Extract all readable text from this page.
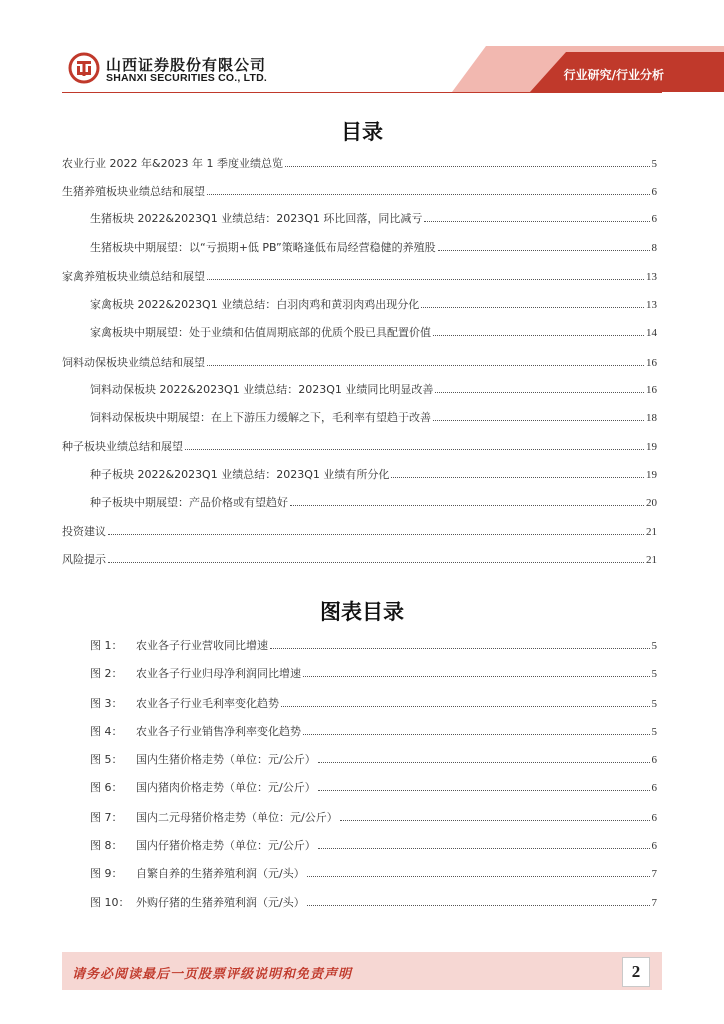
山西证券股份有限公司
SHANXI SECURITIES CO., LTD.	行业研究/行业分析
目录
农业行业 2022 年&2023 年 1 季度业绩总览	5
生猪养殖板块业绩总结和展望	6
生猪板块 2022&2023Q1 业绩总结：2023Q1 环比回落，同比减亏	6
生猪板块中期展望：以“亏损期+低 PB”策略逢低布局经营稳健的养殖股	8
家禽养殖板块业绩总结和展望	13
家禽板块 2022&2023Q1 业绩总结：白羽肉鸡和黄羽肉鸡出现分化	13
家禽板块中期展望：处于业绩和估值周期底部的优质个股已具配置价值	14
饲料动保板块业绩总结和展望	16
饲料动保板块 2022&2023Q1 业绩总结：2023Q1 业绩同比明显改善	16
饲料动保板块中期展望：在上下游压力缓解之下，毛利率有望趋于改善	18
种子板块业绩总结和展望	19
种子板块 2022&2023Q1 业绩总结：2023Q1 业绩有所分化	19
种子板块中期展望：产品价格或有望趋好	20
投资建议	21
风险提示	21
图表目录
图 1：	农业各子行业营收同比增速	5
图 2：	农业各子行业归母净利润同比增速	5
图 3：	农业各子行业毛利率变化趋势	5
图 4：	农业各子行业销售净利率变化趋势	5
图 5：	国内生猪价格走势（单位：元/公斤）	6
图 6：	国内猪肉价格走势（单位：元/公斤）	6
图 7：	国内二元母猪价格走势（单位：元/公斤）	6
图 8：	国内仔猪价格走势（单位：元/公斤）	6
图 9：	自繁自养的生猪养殖利润（元/头）	7
图 10： 外购仔猪的生猪养殖利润（元/头）	7
请务必阅读最后一页股票评级说明和免责声明	2
